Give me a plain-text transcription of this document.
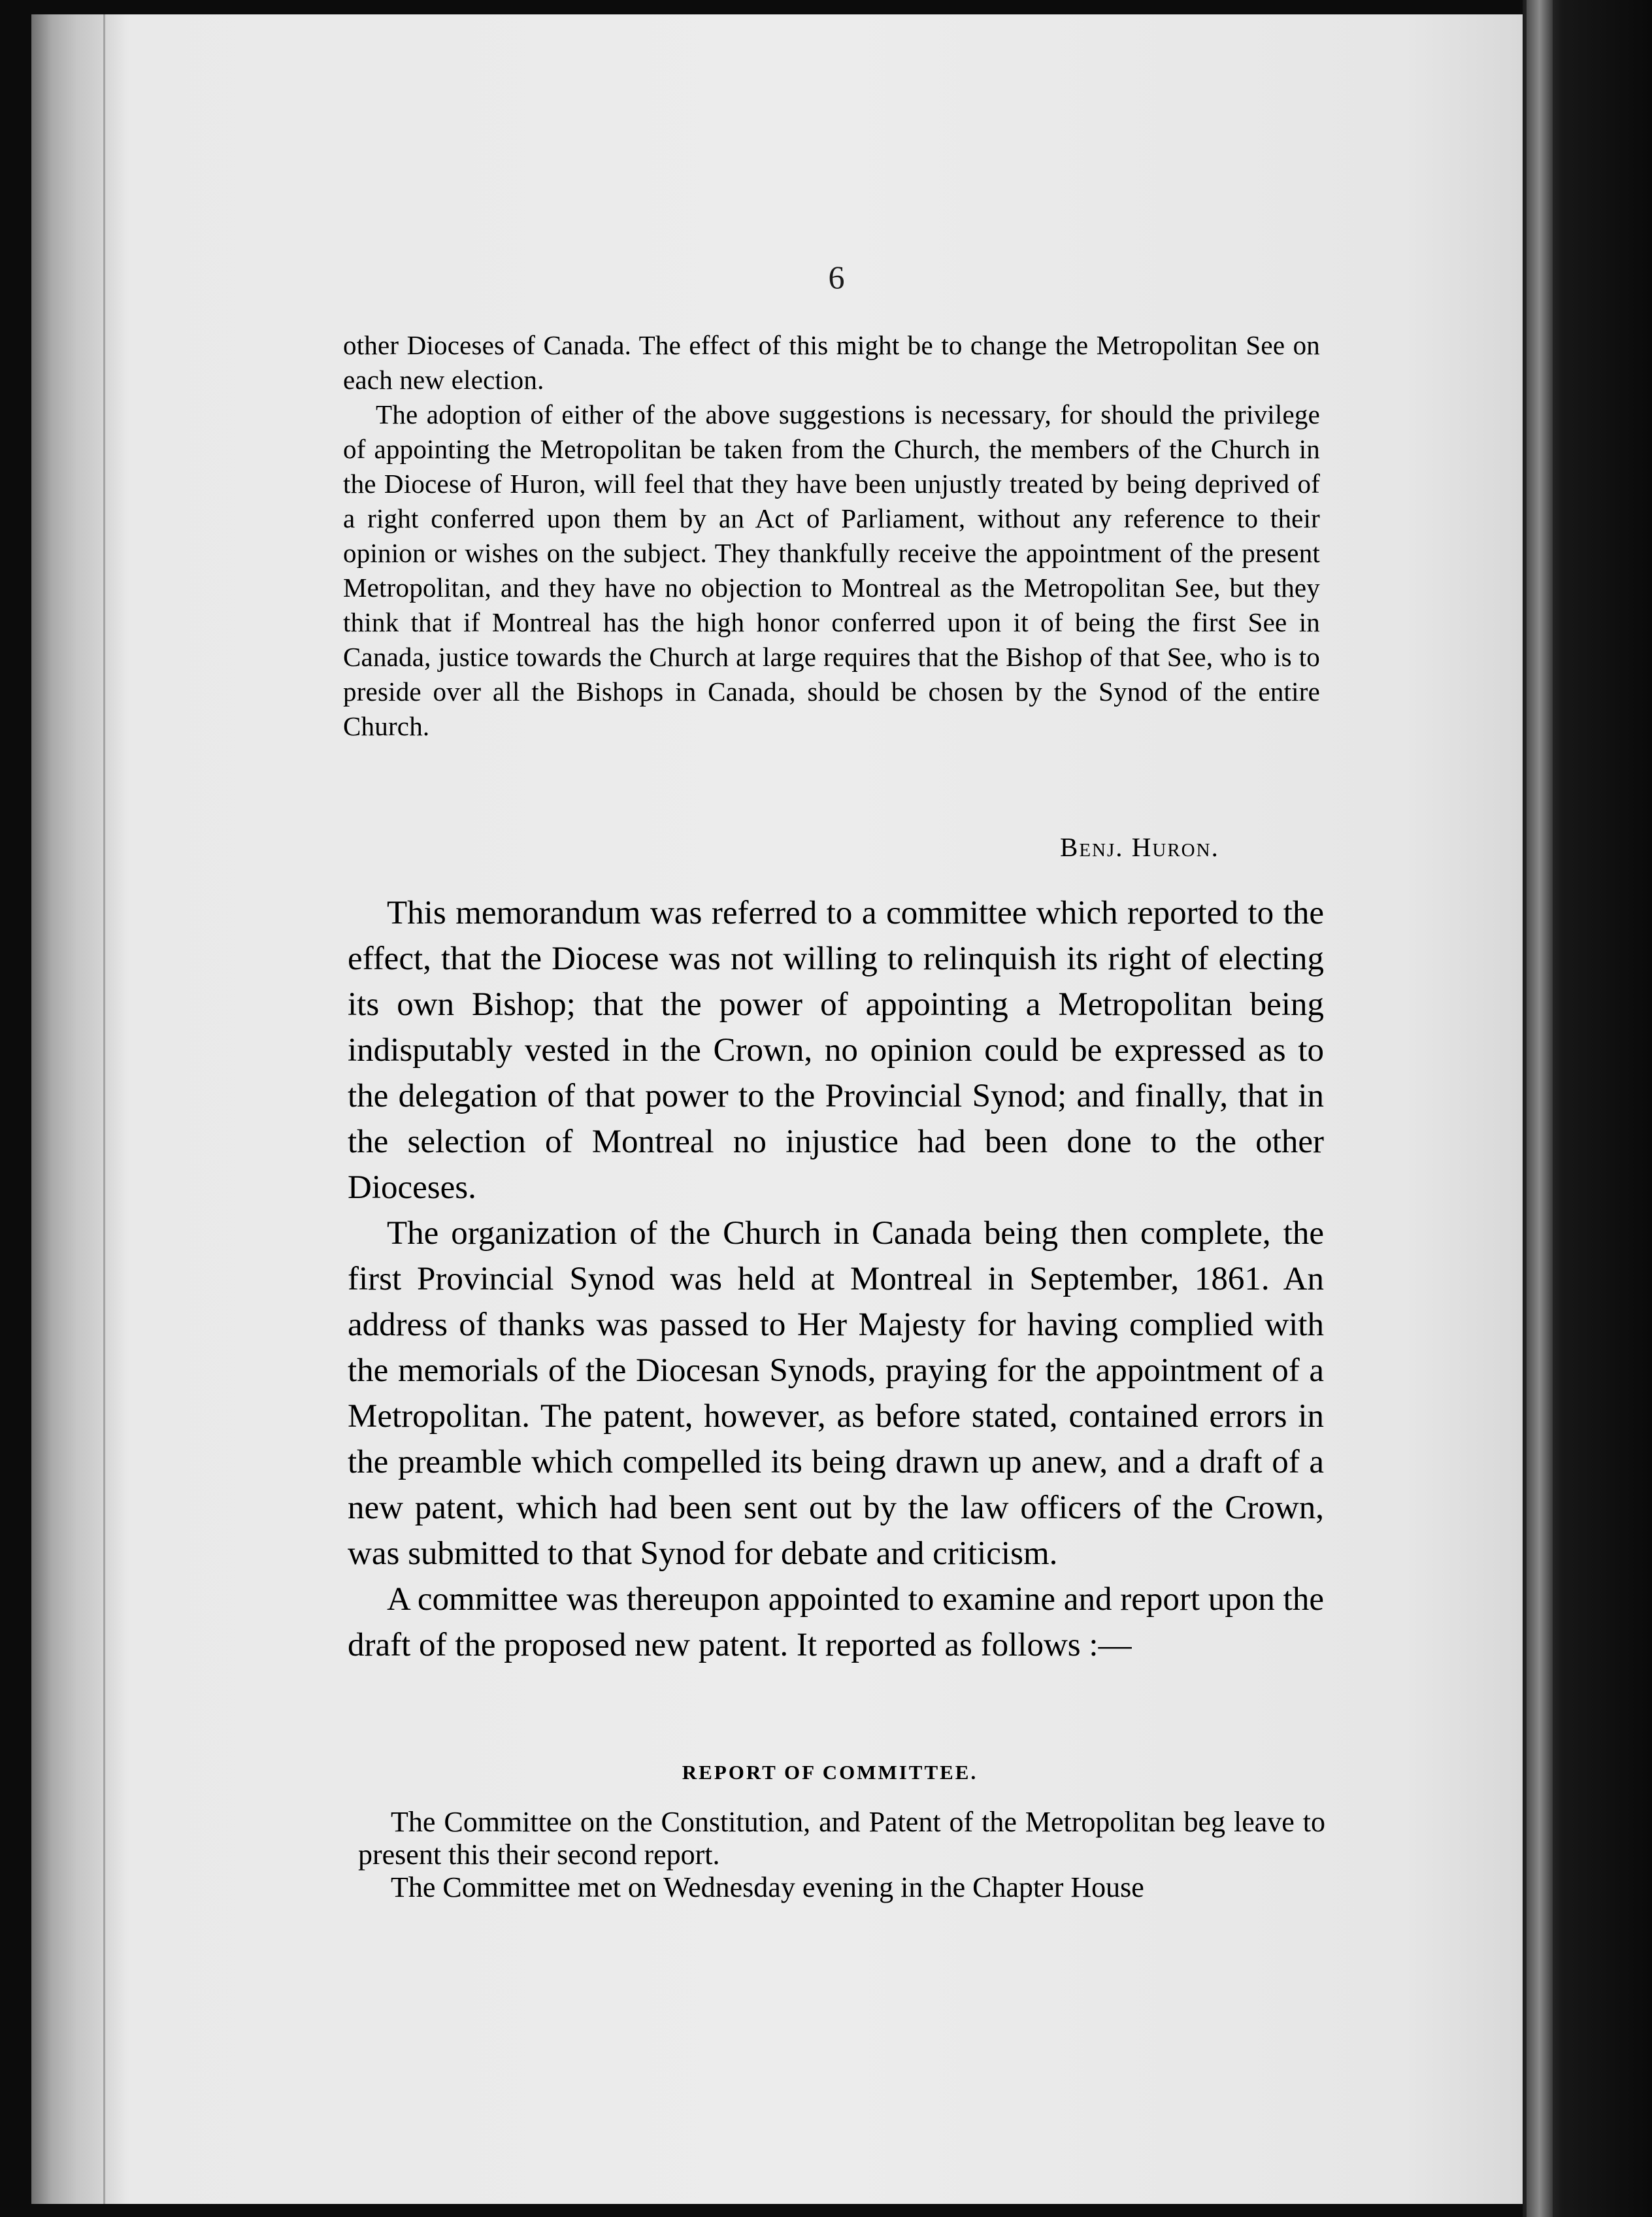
6

other Dioceses of Canada. The effect of this might be to change the Metropolitan See on each new election.

The adoption of either of the above suggestions is necessary, for should the privilege of appointing the Metropolitan be taken from the Church, the members of the Church in the Diocese of Huron, will feel that they have been unjustly treated by being deprived of a right conferred upon them by an Act of Parliament, without any reference to their opinion or wishes on the subject. They thankfully receive the appointment of the present Metropolitan, and they have no objection to Montreal as the Metropolitan See, but they think that if Montreal has the high honor conferred upon it of being the first See in Canada, justice towards the Church at large requires that the Bishop of that See, who is to preside over all the Bishops in Canada, should be chosen by the Synod of the entire Church.

Benj. Huron.

This memorandum was referred to a committee which reported to the effect, that the Diocese was not willing to relinquish its right of electing its own Bishop; that the power of appointing a Metropolitan being indisputably vested in the Crown, no opinion could be expressed as to the delegation of that power to the Provincial Synod; and finally, that in the selection of Montreal no injustice had been done to the other Dioceses.

The organization of the Church in Canada being then complete, the first Provincial Synod was held at Montreal in September, 1861. An address of thanks was passed to Her Majesty for having complied with the memorials of the Diocesan Synods, praying for the appointment of a Metropolitan. The patent, however, as before stated, contained errors in the preamble which compelled its being drawn up anew, and a draft of a new patent, which had been sent out by the law officers of the Crown, was submitted to that Synod for debate and criticism.

A committee was thereupon appointed to examine and report upon the draft of the proposed new patent. It reported as follows :—

REPORT OF COMMITTEE.

The Committee on the Constitution, and Patent of the Metropolitan beg leave to present this their second report.

The Committee met on Wednesday evening in the Chapter House
